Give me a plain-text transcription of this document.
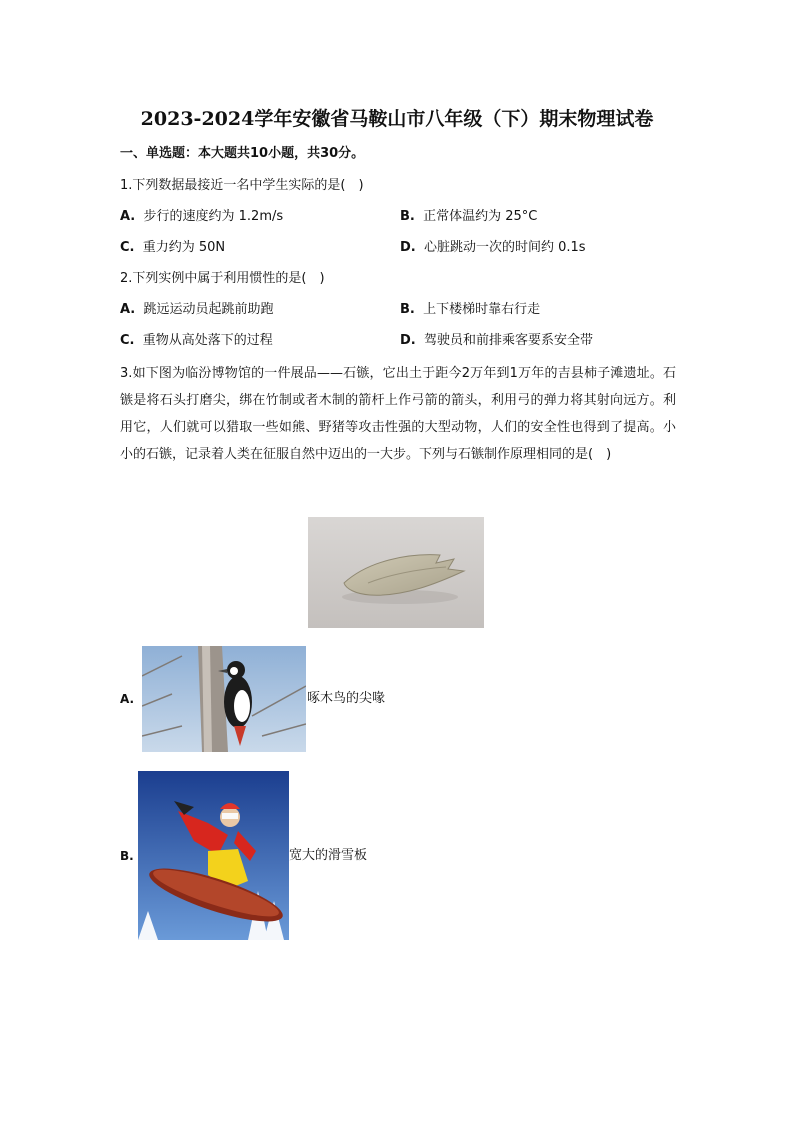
2023-2024学年安徽省马鞍山市八年级（下）期末物理试卷
一、单选题：本大题共10小题，共30分。
1.下列数据最接近一名中学生实际的是(　)
A. 步行的速度约为 1.2m/s	B. 正常体温约为 25°C
C. 重力约为 50N	D. 心脏跳动一次的时间约 0.1s
2.下列实例中属于利用惯性的是(　)
A. 跳远运动员起跳前助跑	B. 上下楼梯时靠右行走
C. 重物从高处落下的过程	D. 驾驶员和前排乘客要系安全带
3.如下图为临汾博物馆的一件展品——石镞，它出土于距今2万年到1万年的吉县柿子滩遗址。石镞是将石头打磨尖，绑在竹制或者木制的箭杆上作弓箭的箭头，利用弓的弹力将其射向远方。利用它，人们就可以猎取一些如熊、野猪等攻击性强的大型动物，人们的安全性也得到了提高。小小的石镞，记录着人类在征服自然中迈出的一大步。下列与石镞制作原理相同的是(　)
A.	啄木鸟的尖喙
B.	宽大的滑雪板
